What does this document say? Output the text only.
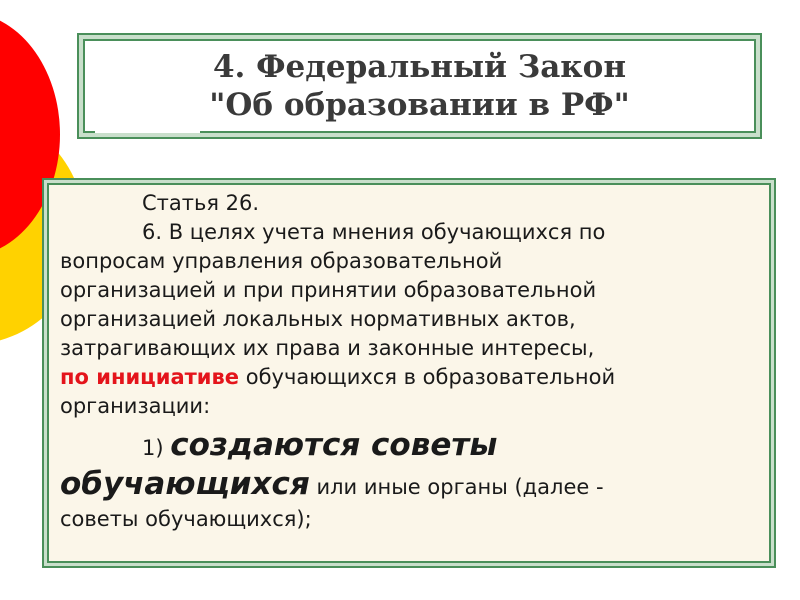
4. Федеральный Закон
"Об образовании в РФ"

Статья 26.

6. В целях учета мнения обучающихся по

вопросам управления образовательной

организацией и при принятии образовательной

организацией локальных нормативных актов,

затрагивающих их права и законные интересы,

по инициативе обучающихся в образовательной

организации:

1) создаются советы

обучающихся или иные органы (далее -

советы обучающихся);
